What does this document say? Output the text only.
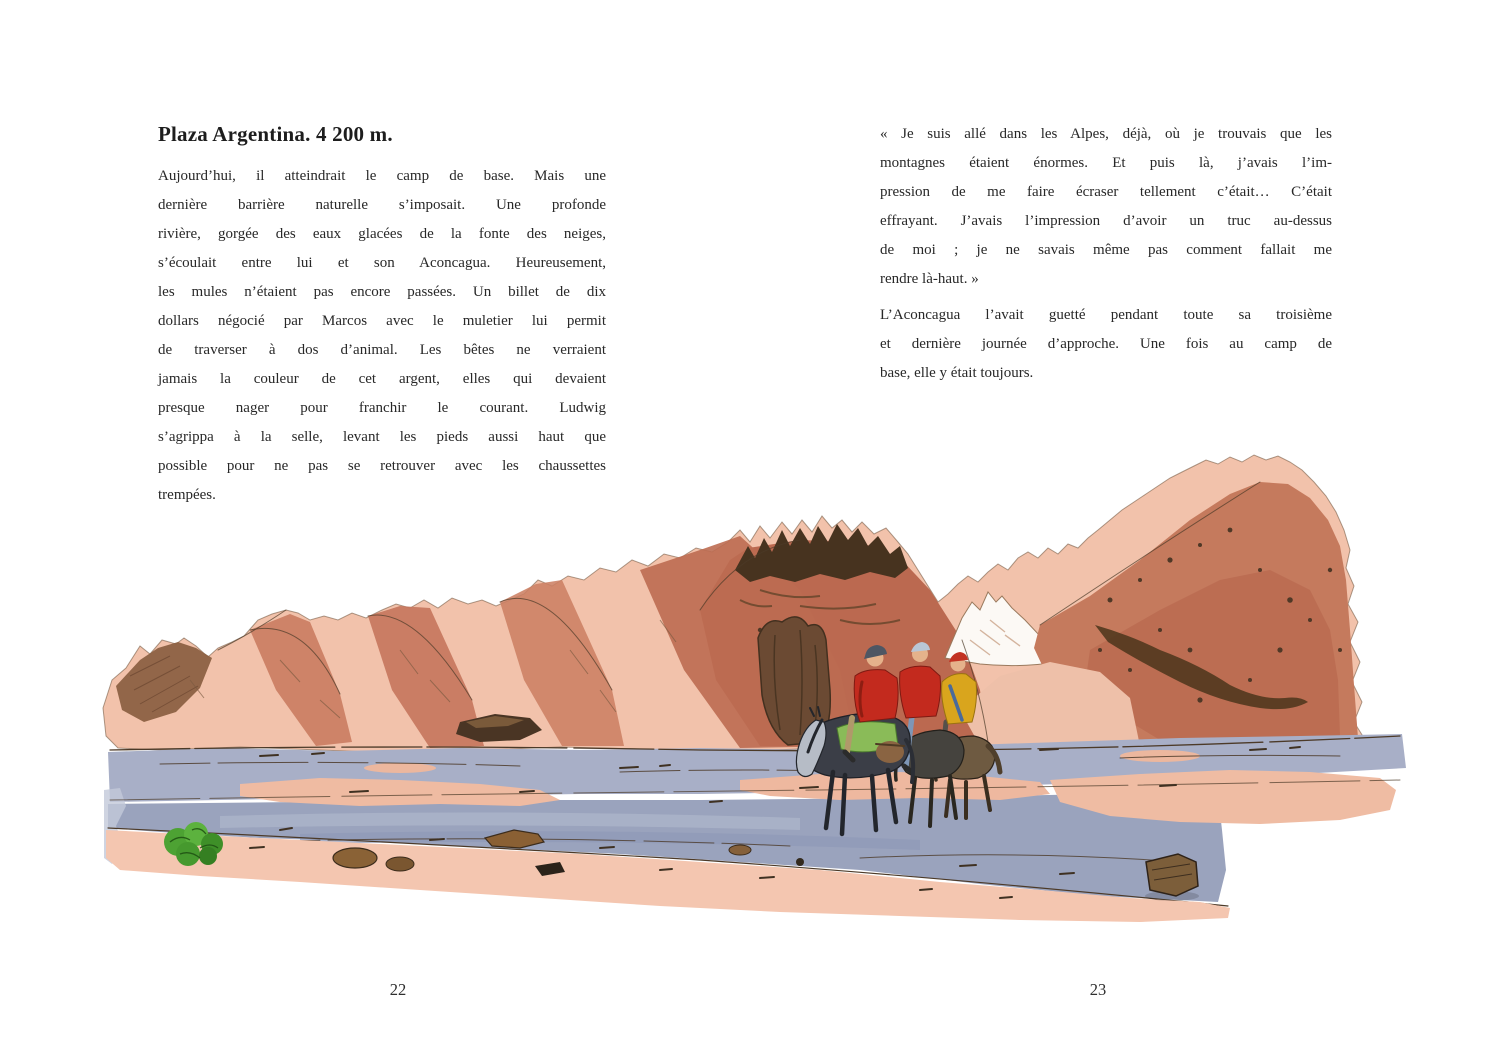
Plaza Argentina. 4 200 m.
Aujourd’hui, il atteindrait le camp de base. Mais une
dernière barrière naturelle s’imposait. Une profonde
rivière, gorgée des eaux glacées de la fonte des neiges,
s’écoulait entre lui et son Aconcagua. Heureusement,
les mules n’étaient pas encore passées. Un billet de dix
dollars négocié par Marcos avec le muletier lui permit
de traverser à dos d’animal. Les bêtes ne verraient
jamais la couleur de cet argent, elles qui devaient
presque nager pour franchir le courant. Ludwig
s’agrippa à la selle, levant les pieds aussi haut que
possible pour ne pas se retrouver avec les chaussettes
trempées.
« Je suis allé dans les Alpes, déjà, où je trouvais que les
montagnes étaient énormes. Et puis là, j’avais l’im-
pression de me faire écraser tellement c’était… C’était
effrayant. J’avais l’impression d’avoir un truc au-dessus
de moi ; je ne savais même pas comment fallait me
rendre là-haut. »
L’Aconcagua l’avait guetté pendant toute sa troisième
et dernière journée d’approche. Une fois au camp de
base, elle y était toujours.
22	23
